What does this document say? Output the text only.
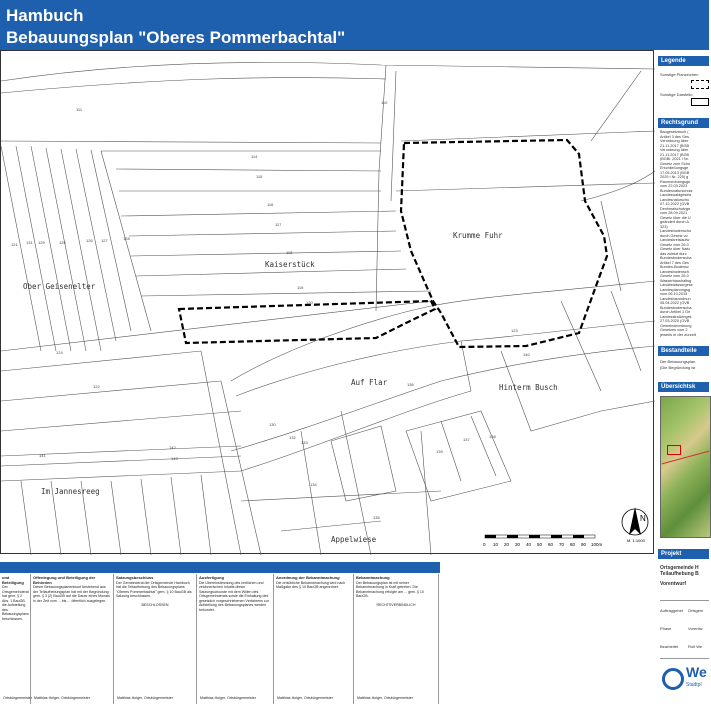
Hambuch
Bebauungsplan "Oberes Pommerbachtal"
Ober Geisenelter
Kaiserstück
Krumme Fuhr
Auf Flar
Hinterm Busch
Im Jannesreeg
Appelwiese
111
110
114
115
116
117
118
119
120
121
122
123
124
125	126 127	128
129
130
131
132
133
134
135
136
137
138
139
140
141
142
143
N
M. 1:1000
0 10 20 30 40 50 60 70 80 90 100m
Legende
Sonstige Planzeichen
Sonstige Darstellu
Rechtsgrund
Baugesetzbuch (
Artikel 3 des Ges
Verordnung über
21.11.2017 (BGB
Verordnung über
21.11.2017 (BGB
(BGBl. 2021 I Nr.
Gesetz zum Schu
Erschließungsge
17.05.2013 (BGB
2029 I Nr. 225) g
Raumordnungsge
vom 22.03.2023
Bundesnaturschutz
Landeswaldgesetz
Landesnaturschu
07.12.2022 (GVB
Denkmalschutzge
vom 28.09.2021
Gesetz über die U
geändert durch A
323)
Landesbodenschu
durch Gesetz vo
Landeskreislaufw
Gesetz vom 26.0
Gesetz über Natu
das zuletzt durc
Bundesbodenscha
Artikel 7 des Ges
Bundes-Bodensc
Landesbodensch
Gesetz vom 26.0
Wasserhaushaltsg
Landeswassergese
Landesplanungsg
vom 06.10.2015
Landesbauordnun
06.04.2022 (GVB
Bundesbodenscha
durch Artikel 1 Ge
Landesstraßenges
27.03.2020 (GVB
Gemeindeordnung
Gesetzes vom 2
jeweils in der zurzeit
Bestandteile
Der Bebauungsplan
(Die Begründung ist
Übersichtsk
Projekt
Ortsgemeinde H
Teilaufhebung B
Vorentwurf
Auftraggeber Ortsgem
Phase	Vorentw
Bearbeitet	Rolf We
We
Stadtpl
und Beteiligung
Der Ortsgemeinderat hat gem. § 2 Abs. 1 BauGB die Aufstellung des Bebauungsplans beschlossen.
Ortsbürgermeister
Offenlegung und Beteiligung der Behörden
Dieser Bebauungsplanentwurf bestehend aus der Teilaufhebungsplan hat mit der Begründung gem. § 3 (2) BauGB auf die Dauer eines Monats in der Zeit vom ... bis ... öffentlich ausgelegen.
Matthias Holger, Ortsbürgermeister
Satzungsbeschluss
Der Gemeinderat der Ortsgemeinde Hambuch hat die Teilaufhebung des Bebauungsplans "Oberes Pommerbachtal" gem. § 10 BauGB als Satzung beschlossen.

BESCHLOSSEN
Matthias Holger, Ortsbürgermeister
Ausfertigung
Die Übereinstimmung des textlichen und zeichnerischen Inhalts dieser Satzungsurkunde mit dem Willen des Ortsgemeinderats sowie die Einhaltung des gesetzlich vorgeschriebenen Verfahrens zur Aufstellung des Bebauungsplanes werden bekundet.
Matthias Holger, Ortsbürgermeister
Anordnung der Bekanntmachung
Die ortsübliche Bekanntmachung wird nach Maßgabe des § 10 BauGB angeordnet.
Matthias Holger, Ortsbürgermeister
Bekanntmachung
Der Bebauungsplan ist mit seiner Bekanntmachung in Kraft getreten. Die Bekanntmachung erfolgte am ... gem. § 10 BauGB.

RECHTSVERBINDLICH
Matthias Holger, Ortsbürgermeister
